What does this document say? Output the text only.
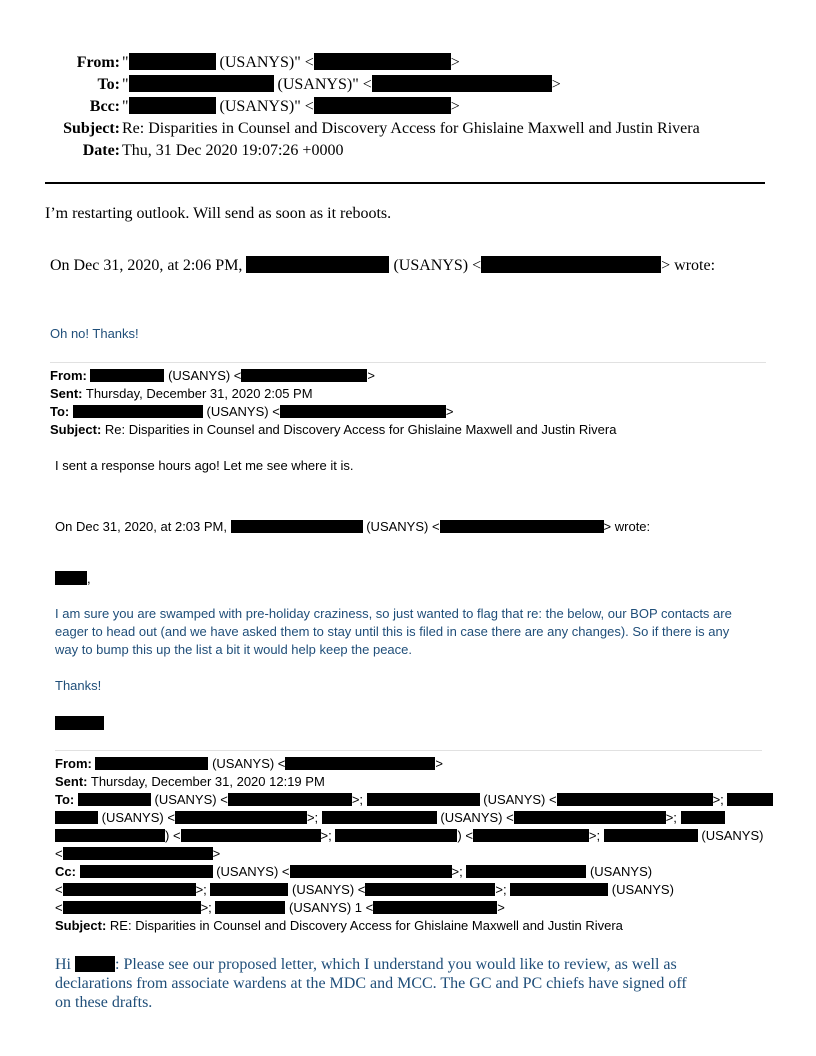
From: "	(USANYS)" <	>
To: "	(USANYS)" <	>
Bcc: "	(USANYS)" <	>
Subject: Re: Disparities in Counsel and Discovery Access for Ghislaine Maxwell and Justin Rivera
Date: Thu, 31 Dec 2020 19:07:26 +0000
I’m restarting outlook. Will send as soon as it reboots.
On Dec 31, 2020, at 2:06 PM,	(USANYS) <	> wrote:
Oh no! Thanks!
From:	(USANYS) <	>
Sent: Thursday, December 31, 2020 2:05 PM
To:	(USANYS) <	>
Subject: Re: Disparities in Counsel and Discovery Access for Ghislaine Maxwell and Justin Rivera
I sent a response hours ago! Let me see where it is.
On Dec 31, 2020, at 2:03 PM,	(USANYS) <	> wrote:
,
I am sure you are swamped with pre-holiday craziness, so just wanted to flag that re: the below, our BOP contacts are
eager to head out (and we have asked them to stay until this is filed in case there are any changes). So if there is any
way to bump this up the list a bit it would help keep the peace.
Thanks!
From:	(USANYS) <	>
Sent: Thursday, December 31, 2020 12:19 PM
To:	(USANYS) <	>;	(USANYS) <	>;
(USANYS) <	>;	(USANYS) <	>;
) <	>;	) <	>;	(USANYS)
<	>
Cc:	(USANYS) <	>;	(USANYS)
<	>;	(USANYS) <	>;	(USANYS)
<	>;	(USANYS) 1 <	>
Subject: RE: Disparities in Counsel and Discovery Access for Ghislaine Maxwell and Justin Rivera
Hi	: Please see our proposed letter, which I understand you would like to review, as well as
declarations from associate wardens at the MDC and MCC. The GC and PC chiefs have signed off
on these drafts.
